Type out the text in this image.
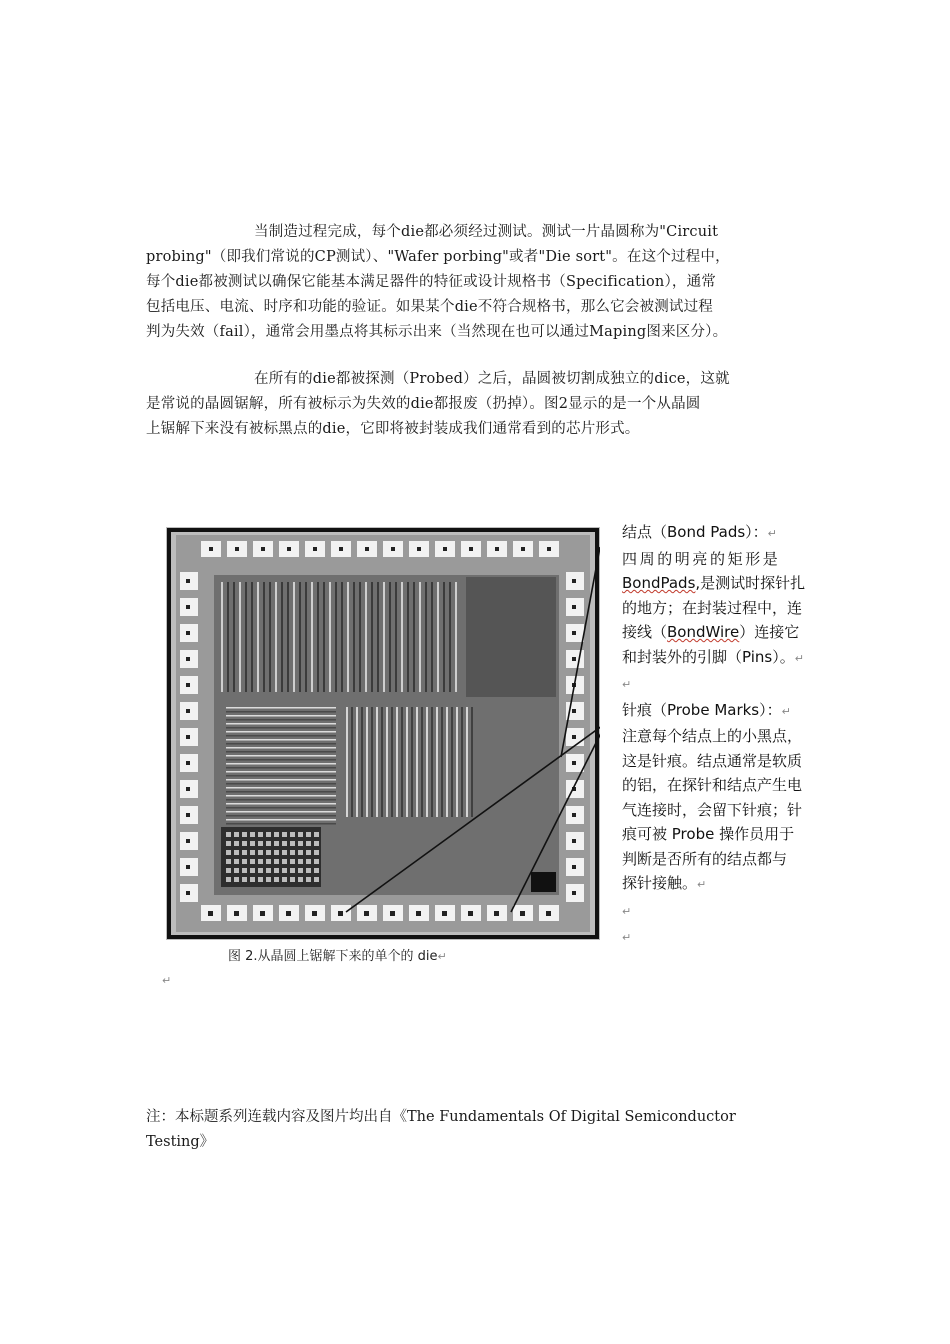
当制造过程完成，每个die都必须经过测试。测试一片晶圆称为"Circuit
probing"（即我们常说的CP测试）、"Wafer porbing"或者"Die sort"。在这个过程中，
每个die都被测试以确保它能基本满足器件的特征或设计规格书（Specification），通常
包括电压、电流、时序和功能的验证。如果某个die不符合规格书，那么它会被测试过程
判为失效（fail），通常会用墨点将其标示出来（当然现在也可以通过Maping图来区分）。
在所有的die都被探测（Probed）之后，晶圆被切割成独立的dice，这就
是常说的晶圆锯解，所有被标示为失效的die都报废（扔掉）。图2显示的是一个从晶圆
上锯解下来没有被标黑点的die，它即将被封装成我们通常看到的芯片形式。
图 2.从晶圆上锯解下来的单个的 die↵
↵
结点（Bond Pads）：↵
四周的明亮的矩形是
BondPads,是测试时探针扎
的地方；在封装过程中，连
接线（BondWire）连接它
和封装外的引脚（Pins）。↵
↵
针痕（Probe Marks）：↵
注意每个结点上的小黑点，
这是针痕。结点通常是软质
的铝，在探针和结点产生电
气连接时，会留下针痕；针
痕可被 Probe 操作员用于
判断是否所有的结点都与
探针接触。↵
↵
↵
注：本标题系列连载内容及图片均出自《The Fundamentals Of Digital Semiconductor
Testing》
